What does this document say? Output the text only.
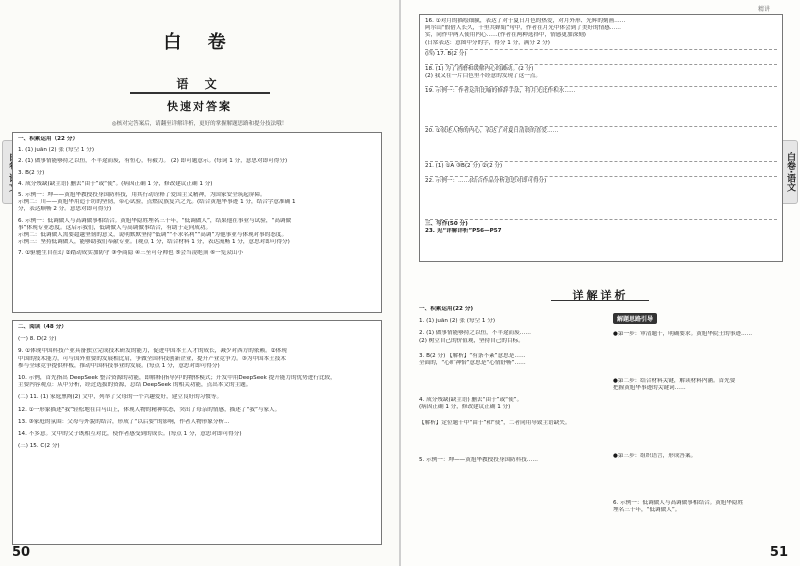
白 卷
语 文
快速对答案
◎核对完答案后，请翻至详解详析，更好的掌握解题思路和提分技法哦！
一、积累运用（22 分）
1. (1) juān (2) 张 (每空 1 分)
2. (1) 做事情能够持之以恒，不半途而废，有恒心，有毅力。 (2) 即可题意示。(每词 1 分，意思对即可得分)
3. B(2 分)
4. 成分残缺(缺主语) 删去“由于”或“使”。(病因正确 1 分，修改建议正确 1 分)
5. 示例一：坤——黄旭华教授投身国防科技，用其行动诠释了爱国主义精神，为国家安全筑起屏障。
示例二：川——黄旭华用追于坊的坚韧，带心试验，点燃民族复兴之光。(结合黄旭华事迹 1 分，结合字意准确 1
分，表达顺畅 2 分。意思对即可得分)
6. 示例一：低调做人与高调做事相结合。黄旭华隐姓埋名三十年，“低调做人”，结果他在事业与试验，“高调做
事”体现专业态度。这启示我们，低调做人与高调做事结合，有助于走向成功。
示例二：低调做人需要超越坚韧的意义，说明默默坚持“低调”“不求名利”“高调”为他事业与体现对事的态度。
示例三：坚持低调做人，能够助我们奉献专业。(观点 1 分，结合材料 1 分，表达流畅 1 分，意思对即可得分)
7. ①驱驰生自在幻 ②踏动成实加防守 ③李商隐 ④三至可夺帅也 ⑤会当凌绝顶 ⑥一览众山小
二、阅读（48 分）
(一) 8. D(2 分)
9. ①体现中国科技产业具备独立完成技术研发的能力，促进中国本土人才的成长，减少对西方的依赖。②体现
中国的技术能力，可与国外重要的发展相比肩，争做全国科技创新企业，提升产业竞争力。③为中国本土技术
参与全球竞争提供样板，推动中国科技事业的发展。(每点 1 分，意思对即可得分)
10. 示例，首先指出 DeepSeek 整合资源的功能，即解释(指导)中的物体模式；开发中用DeepSeek 提升能力的优势进行比较，
主要内容观点：从中分析，经过选拔的资源，总结 DeepSeek 的相关功能，点出本文的主题。
(二) 11. (1) 家庭熏陶(2) 文中，列举了父母的一个兴趣爱好，建立良好的习惯等。
12. ①一形象描述“我”轻松地在白马山上，体现人物的精神状态，突出了母亲的情感，描述了“我”与家人。
13. ③家庭的氛围：父母与外貌的结合，形成了“以后要”的影响，作者人物形象分析...
14. 不多意。文中的父子既相互对比，使作者感受到的成长。(每点 1 分，意思对即可得分)
(三) 15. C(2 分)
50
精讲
白卷·语文
16. ①对月的描绘细腻，表达了对于夏日月色的热爱，对月外形、光辉的刻画……
阿尔山“假借人长久，千里共婵娟”句中，作者在月光中体会到了美好的情感……
实，同作中两人使用内心……(作者在两种选择中，情感更加深刻)
(日常表达：意图中分的字，得分 1 分，满分 2 分)
(四) 17. B(2 分)
18. (1) 为了消磨和缓解内心的躁动。(2 分)
(2) 我又在一片白色里不经意的发现了这一点。
19. 示例一：作者运用比喻的修辞手法，将月光比作积水……
20. ①叙述人物的内心，表达了对夏日清晨的喜爱……
21. (1) ①A ③B(2 分) ②(2 分)
22. 示例一：……(结合作品分析意思对即可得分)
三、写作(50 分)
23. 见“详解详析”P56—P57
详解详析
一、积累运用(22 分)
1. (1) juān (2) 张 (每空 1 分)
2. (1) 做事情能够持之以恒，不半途而废……
(2) 树立自己的价值观，坚持自己的目标。
3. B(2 分) 【解析】“有条不紊”意思是……
全面的，“心旷神怡”意思是“心情舒畅”……
4. 成分残缺(缺主语) 删去“由于”或“使”。
(病因正确 1 分，修改建议正确 1 分)
【解析】定位题干中“由于”和“使”，二者同用导致主语缺失。
5. 示例一：坤——黄旭华教授投身国防科技……
解题思路引导
●第一步：审清题干，明确要求。黄旭华院士的事迹……
●第二步：结合材料关键，解读材料内涵。首先要
把握黄旭华事迹的关键词……
●第三步：组织语言，形成答案。
6. 示例一：低调做人与高调做事相结合。黄旭华隐姓
埋名三十年，“低调做人”。
51
